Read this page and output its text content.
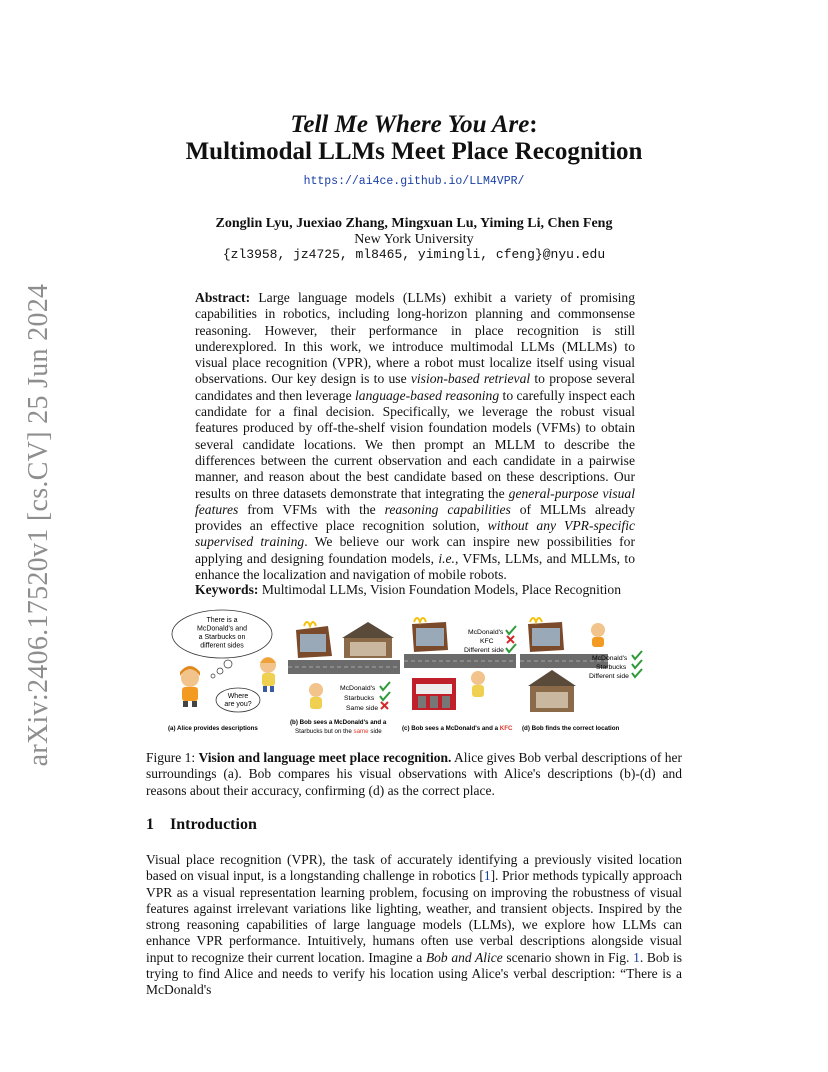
arXiv:2406.17520v1 [cs.CV] 25 Jun 2024
Tell Me Where You Are:
Multimodal LLMs Meet Place Recognition
https://ai4ce.github.io/LLM4VPR/
Zonglin Lyu, Juexiao Zhang, Mingxuan Lu, Yiming Li, Chen Feng
New York University
{zl3958, jz4725, ml8465, yimingli, cfeng}@nyu.edu
Abstract: Large language models (LLMs) exhibit a variety of promising capabilities in robotics, including long-horizon planning and commonsense reasoning. However, their performance in place recognition is still underexplored. In this work, we introduce multimodal LLMs (MLLMs) to visual place recognition (VPR), where a robot must localize itself using visual observations. Our key design is to use vision-based retrieval to propose several candidates and then leverage language-based reasoning to carefully inspect each candidate for a final decision. Specifically, we leverage the robust visual features produced by off-the-shelf vision foundation models (VFMs) to obtain several candidate locations. We then prompt an MLLM to describe the differences between the current observation and each candidate in a pairwise manner, and reason about the best candidate based on these descriptions. Our results on three datasets demonstrate that integrating the general-purpose visual features from VFMs with the reasoning capabilities of MLLMs already provides an effective place recognition solution, without any VPR-specific supervised training. We believe our work can inspire new possibilities for applying and designing foundation models, i.e., VFMs, LLMs, and MLLMs, to enhance the localization and navigation of mobile robots.
Keywords: Multimodal LLMs, Vision Foundation Models, Place Recognition
There is a
McDonald's and
a Starbucks on
different sides
Where
are you?
(a) Alice provides descriptions
McDonald's
Starbucks
Same side
(b) Bob sees a McDonald's and a
Starbucks but on the same side
McDonald's
KFC
Different side
(c) Bob sees a McDonald's and a KFC
McDonald's
Starbucks
Different side
(d) Bob finds the correct location
Figure 1: Vision and language meet place recognition. Alice gives Bob verbal descriptions of her surroundings (a). Bob compares his visual observations with Alice's descriptions (b)-(d) and reasons about their accuracy, confirming (d) as the correct place.
1 Introduction
Visual place recognition (VPR), the task of accurately identifying a previously visited location based on visual input, is a longstanding challenge in robotics [1]. Prior methods typically approach VPR as a visual representation learning problem, focusing on improving the robustness of visual features against irrelevant variations like lighting, weather, and transient objects. Inspired by the strong reasoning capabilities of large language models (LLMs), we explore how LLMs can enhance VPR performance. Intuitively, humans often use verbal descriptions alongside visual input to recognize their current location. Imagine a Bob and Alice scenario shown in Fig. 1. Bob is trying to find Alice and needs to verify his location using Alice's verbal description: “There is a McDonald's
